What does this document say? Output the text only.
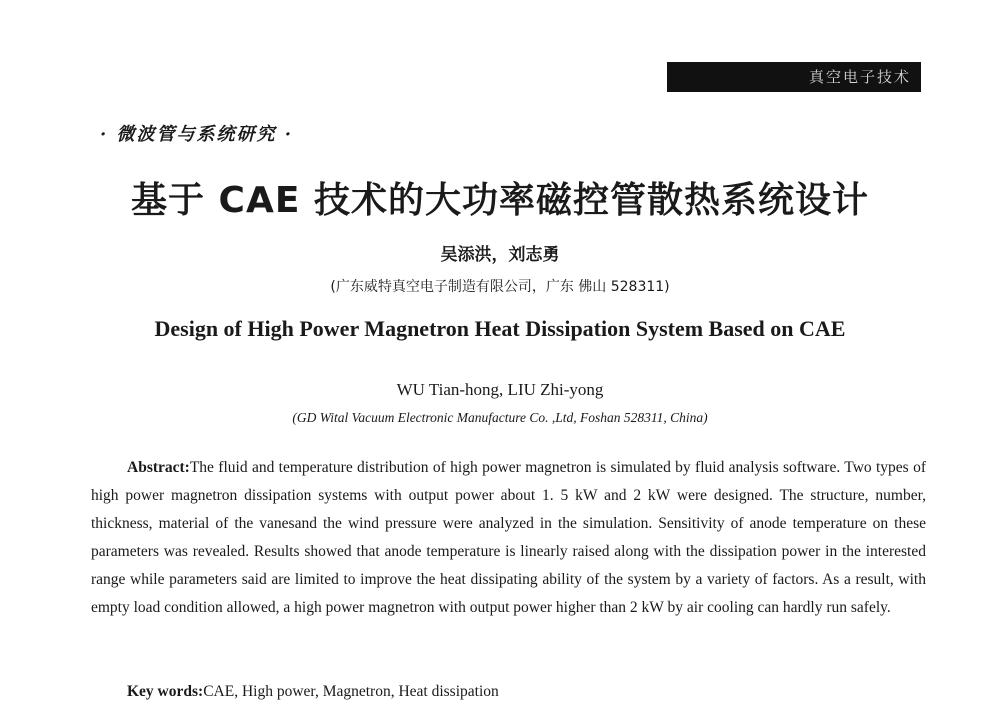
真空电子技术
· 微波管与系统研究 ·
基于 CAE 技术的大功率磁控管散热系统设计
吴添洪，刘志勇
(广东威特真空电子制造有限公司，广东 佛山 528311)
Design of High Power Magnetron Heat Dissipation System Based on CAE
WU Tian-hong, LIU Zhi-yong
(GD Wital Vacuum Electronic Manufacture Co. ,Ltd, Foshan 528311, China)

Abstract:The fluid and temperature distribution of high power magnetron is simulated by fluid analysis software. Two types of high power magnetron dissipation systems with output power about 1. 5 kW and 2 kW were designed. The structure, number, thickness, material of the vanesand the wind pressure were analyzed in the simulation. Sensitivity of anode temperature on these parameters was revealed. Results showed that anode temperature is linearly raised along with the dissipation power in the interested range while parameters said are limited to improve the heat dissipating ability of the system by a variety of factors. As a result, with empty load condition allowed, a high power magnetron with output power higher than 2 kW by air cooling can hardly run safely.

Key words:CAE, High power, Magnetron, Heat dissipation
